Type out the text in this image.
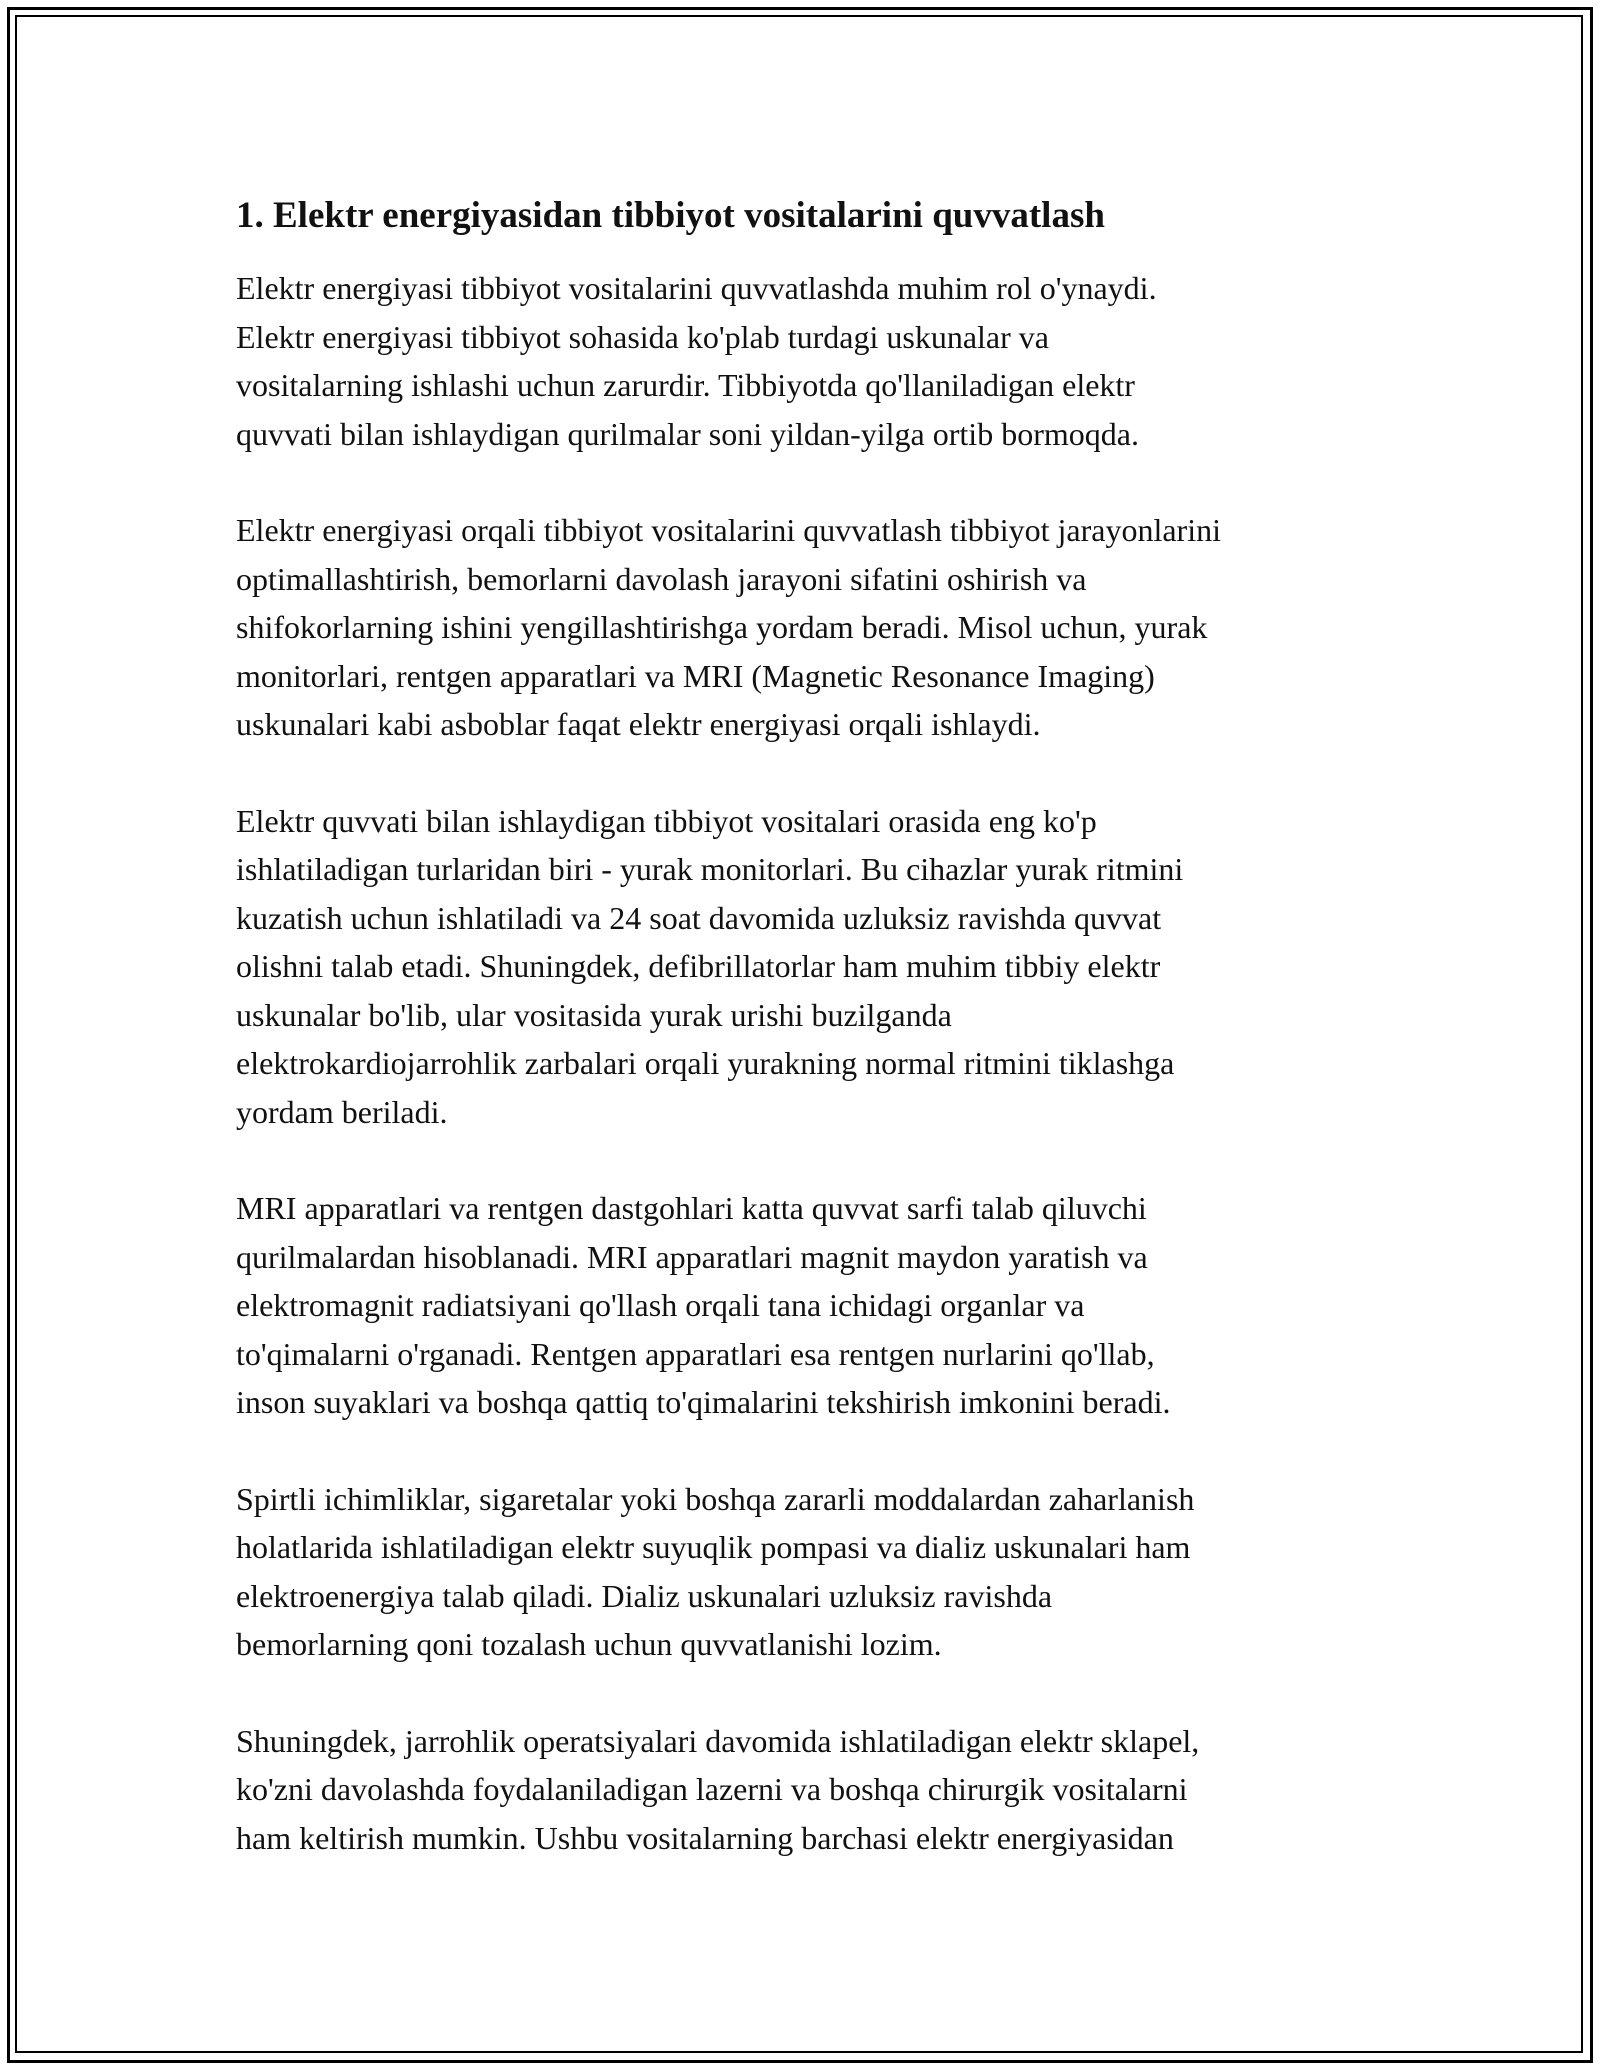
1. Elektr energiyasidan tibbiyot vositalarini quvvatlash

Elektr energiyasi tibbiyot vositalarini quvvatlashda muhim rol o'ynaydi.
Elektr energiyasi tibbiyot sohasida ko'plab turdagi uskunalar va
vositalarning ishlashi uchun zarurdir. Tibbiyotda qo'llaniladigan elektr
quvvati bilan ishlaydigan qurilmalar soni yildan-yilga ortib bormoqda.

Elektr energiyasi orqali tibbiyot vositalarini quvvatlash tibbiyot jarayonlarini
optimallashtirish, bemorlarni davolash jarayoni sifatini oshirish va
shifokorlarning ishini yengillashtirishga yordam beradi. Misol uchun, yurak
monitorlari, rentgen apparatlari va MRI (Magnetic Resonance Imaging)
uskunalari kabi asboblar faqat elektr energiyasi orqali ishlaydi.

Elektr quvvati bilan ishlaydigan tibbiyot vositalari orasida eng ko'p
ishlatiladigan turlaridan biri - yurak monitorlari. Bu cihazlar yurak ritmini
kuzatish uchun ishlatiladi va 24 soat davomida uzluksiz ravishda quvvat
olishni talab etadi. Shuningdek, defibrillatorlar ham muhim tibbiy elektr
uskunalar bo'lib, ular vositasida yurak urishi buzilganda
elektrokardiojarrohlik zarbalari orqali yurakning normal ritmini tiklashga
yordam beriladi.

MRI apparatlari va rentgen dastgohlari katta quvvat sarfi talab qiluvchi
qurilmalardan hisoblanadi. MRI apparatlari magnit maydon yaratish va
elektromagnit radiatsiyani qo'llash orqali tana ichidagi organlar va
to'qimalarni o'rganadi. Rentgen apparatlari esa rentgen nurlarini qo'llab,
inson suyaklari va boshqa qattiq to'qimalarini tekshirish imkonini beradi.

Spirtli ichimliklar, sigaretalar yoki boshqa zararli moddalardan zaharlanish
holatlarida ishlatiladigan elektr suyuqlik pompasi va dializ uskunalari ham
elektroenergiya talab qiladi. Dializ uskunalari uzluksiz ravishda
bemorlarning qoni tozalash uchun quvvatlanishi lozim.

Shuningdek, jarrohlik operatsiyalari davomida ishlatiladigan elektr sklapel,
ko'zni davolashda foydalaniladigan lazerni va boshqa chirurgik vositalarni
ham keltirish mumkin. Ushbu vositalarning barchasi elektr energiyasidan
